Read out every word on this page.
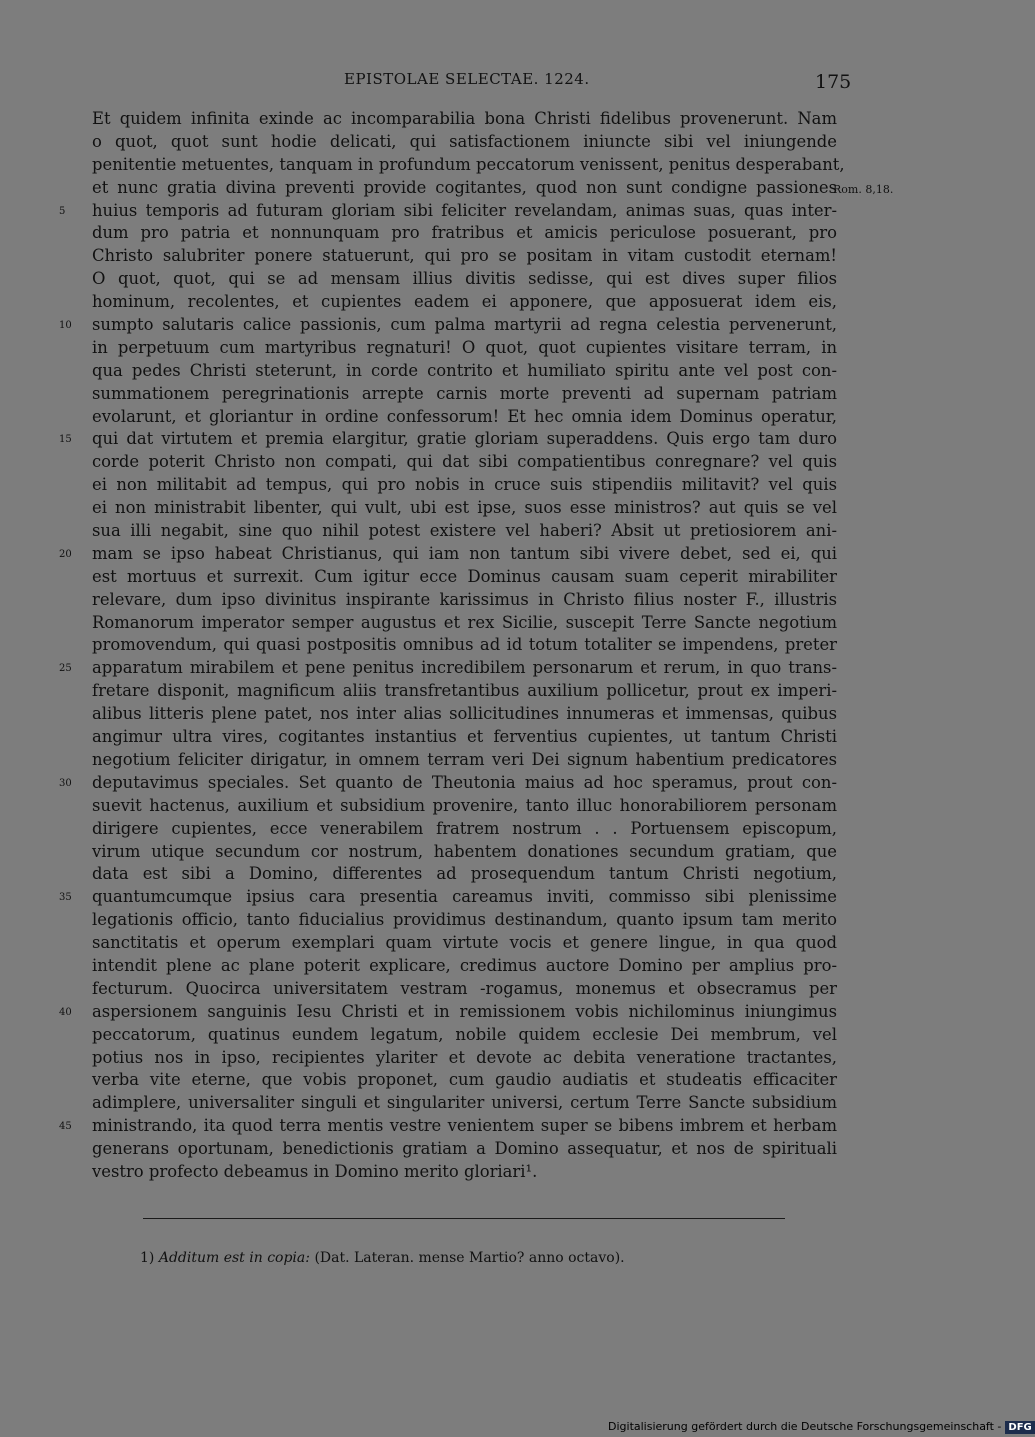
EPISTOLAE SELECTAE. 1224.	175
Et quidem infinita exinde ac incomparabilia bona Christi fidelibus provenerunt. Nam
o quot, quot sunt hodie delicati, qui satisfactionem iniuncte sibi vel iniungende
penitentie metuentes, tanquam in profundum peccatorum venissent, penitus desperabant,
et nunc gratia divina preventi provide cogitantes, quod non sunt condigne passiones
huius temporis ad futuram gloriam sibi feliciter revelandam, animas suas, quas inter-
5
dum pro patria et nonnunquam pro fratribus et amicis periculose posuerant, pro
Christo salubriter ponere statuerunt, qui pro se positam in vitam custodit eternam!
O quot, quot, qui se ad mensam illius divitis sedisse, qui est dives super filios
hominum, recolentes, et cupientes eadem ei apponere, que apposuerat idem eis,
sumpto salutaris calice passionis, cum palma martyrii ad regna celestia pervenerunt,
10
in perpetuum cum martyribus regnaturi! O quot, quot cupientes visitare terram, in
qua pedes Christi steterunt, in corde contrito et humiliato spiritu ante vel post con-
summationem peregrinationis arrepte carnis morte preventi ad supernam patriam
evolarunt, et gloriantur in ordine confessorum! Et hec omnia idem Dominus operatur,
qui dat virtutem et premia elargitur, gratie gloriam superaddens. Quis ergo tam duro
15
corde poterit Christo non compati, qui dat sibi compatientibus conregnare? vel quis
ei non militabit ad tempus, qui pro nobis in cruce suis stipendiis militavit? vel quis
ei non ministrabit libenter, qui vult, ubi est ipse, suos esse ministros? aut quis se vel
sua illi negabit, sine quo nihil potest existere vel haberi? Absit ut pretiosiorem ani-
mam se ipso habeat Christianus, qui iam non tantum sibi vivere debet, sed ei, qui
20
est mortuus et surrexit. Cum igitur ecce Dominus causam suam ceperit mirabiliter
relevare, dum ipso divinitus inspirante karissimus in Christo filius noster F., illustris
Romanorum imperator semper augustus et rex Sicilie, suscepit Terre Sancte negotium
promovendum, qui quasi postpositis omnibus ad id totum totaliter se impendens, preter
apparatum mirabilem et pene penitus incredibilem personarum et rerum, in quo trans-
25
fretare disponit, magnificum aliis transfretantibus auxilium pollicetur, prout ex imperi-
alibus litteris plene patet, nos inter alias sollicitudines innumeras et immensas, quibus
angimur ultra vires, cogitantes instantius et ferventius cupientes, ut tantum Christi
negotium feliciter dirigatur, in omnem terram veri Dei signum habentium predicatores
deputavimus speciales. Set quanto de Theutonia maius ad hoc speramus, prout con-
30
suevit hactenus, auxilium et subsidium provenire, tanto illuc honorabiliorem personam
dirigere cupientes, ecce venerabilem fratrem nostrum . . Portuensem episcopum,
virum utique secundum cor nostrum, habentem donationes secundum gratiam, que
data est sibi a Domino, differentes ad prosequendum tantum Christi negotium,
quantumcumque ipsius cara presentia careamus inviti, commisso sibi plenissime
35
legationis officio, tanto fiducialius providimus destinandum, quanto ipsum tam merito
sanctitatis et operum exemplari quam virtute vocis et genere lingue, in qua quod
intendit plene ac plane poterit explicare, credimus auctore Domino per amplius pro-
fecturum. Quocirca universitatem vestram -rogamus, monemus et obsecramus per
aspersionem sanguinis Iesu Christi et in remissionem vobis nichilominus iniungimus
40
peccatorum, quatinus eundem legatum, nobile quidem ecclesie Dei membrum, vel
potius nos in ipso, recipientes ylariter et devote ac debita veneratione tractantes,
verba vite eterne, que vobis proponet, cum gaudio audiatis et studeatis efficaciter
adimplere, universaliter singuli et singulariter universi, certum Terre Sancte subsidium
ministrando, ita quod terra mentis vestre venientem super se bibens imbrem et herbam
45
generans oportunam, benedictionis gratiam a Domino assequatur, et nos de spirituali
vestro profecto debeamus in Domino merito gloriari¹.
Rom. 8,18.
1) Additum est in copia: (Dat. Lateran. mense Martio? anno octavo).
Digitalisierung gefördert durch die Deutsche Forschungsgemeinschaft - DFG
